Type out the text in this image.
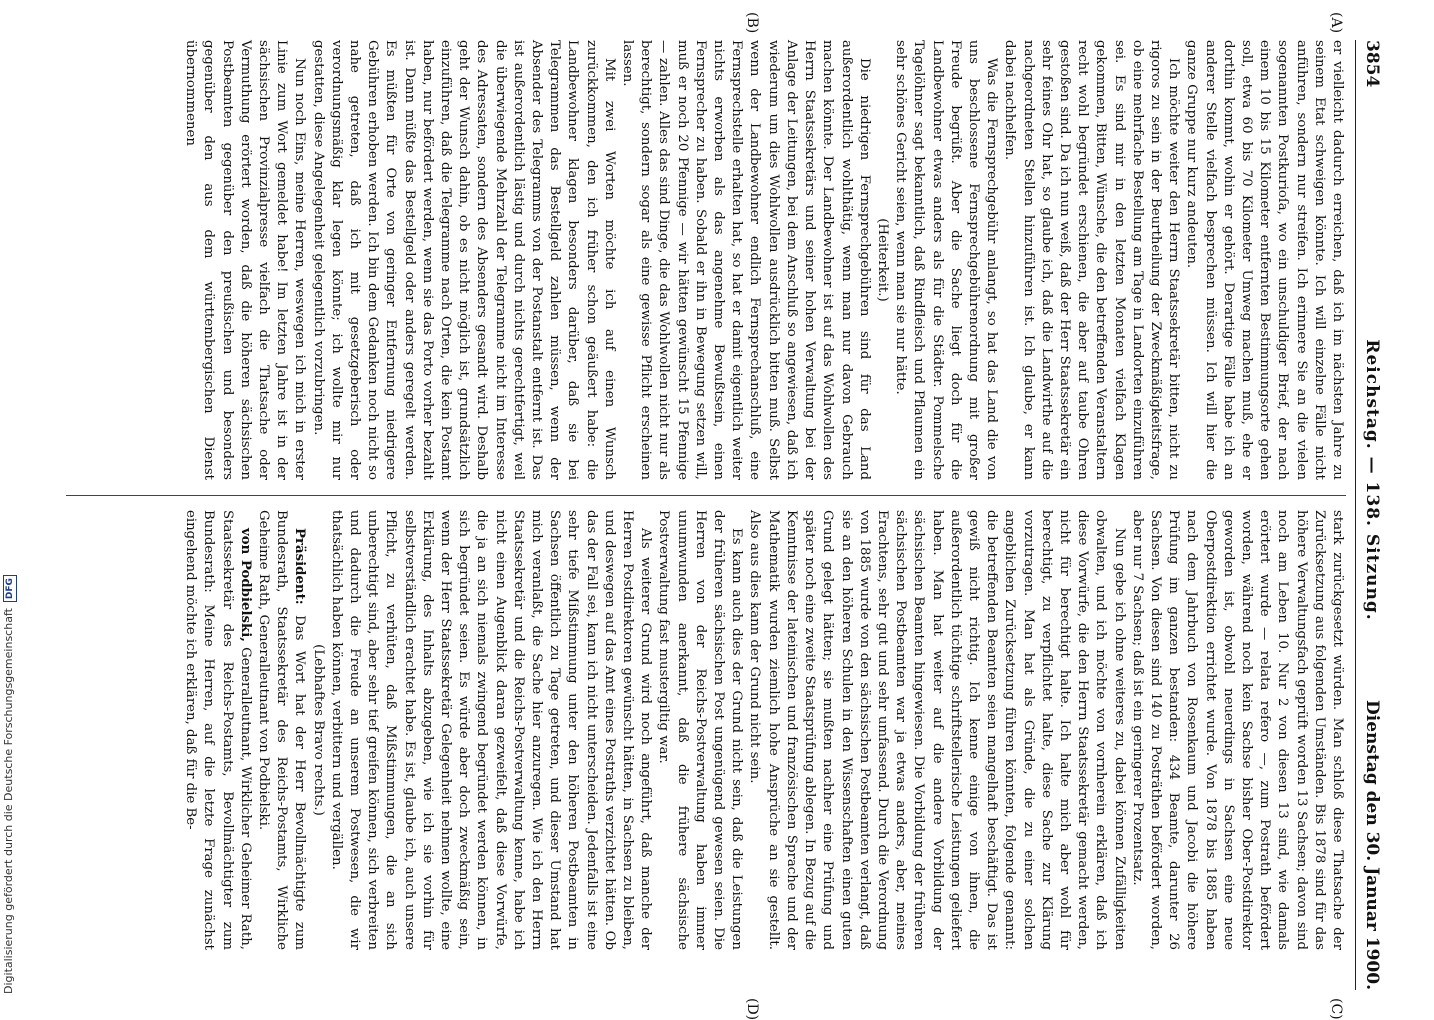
3854
Reichstag. — 138. Sitzung.
Dienstag den 30. Januar 1900.
(A)
(B)
(C)
(D)

er vielleicht dadurch erreichen, daß ich im nächsten Jahre zu seinem Etat schweigen könnte. Ich will einzelne Fälle nicht anführen, sondern nur streifen. Ich erinnere Sie an die vielen sogenannten Postkurioſa, wo ein unschuldiger Brief, der nach einem 10 bis 15 Kilometer entfernten Bestimmungsorte gehen soll, etwa 60 bis 70 Kilometer Umweg machen muß, ehe er dorthin kommt, wohin er gehört. Derartige Fälle habe ich an anderer Stelle vielfach besprechen müssen. Ich will hier die ganze Gruppe nur kurz andeuten.

Ich möchte weiter den Herrn Staatssekretär bitten, nicht zu rigoros zu sein in der Beurtheilung der Zweckmäßigkeitsfrage, ob eine mehrfache Bestellung am Tage in Landorten einzuführen sei. Es sind mir in den letzten Monaten vielfach Klagen gekommen, Bitten, Wünsche, die den betreffenden Veranstaltern recht wohl begründet erschienen, die aber auf taube Ohren gestoßen sind. Da ich nun weiß, daß der Herr Staatssekretär ein sehr feines Ohr hat, so glaube ich, daß die Landwirthe auf die nachgeordneten Stellen hinzuführen ist. Ich glaube, er kann dabei nachhelfen.

Was die Fernsprechgebühr anlangt, so hat das Land die von uns beschlossene Fernsprechgebührenordnung mit großer Freude begrüßt. Aber die Sache liegt doch für die Landbewohner etwas anders als für die Städter. Pommelsche Tagelöhner sagt bekanntlich, daß Rindfleisch und Pflaumen ein sehr schönes Gericht seien, wenn man sie nur hätte.

(Heiterkeit.)

Die niedrigen Fernsprechgebühren sind für das Land außerordentlich wohlthätig, wenn man nur davon Gebrauch machen könnte. Der Landbewohner ist auf das Wohlwollen des Herrn Staatssekretärs und seiner hohen Verwaltung bei der Anlage der Leitungen, bei dem Anschluß so angewiesen, daß ich wiederum um dies Wohlwollen ausdrücklich bitten muß. Selbst wenn der Landbewohner endlich Fernsprechanschluß, eine Fernsprechstelle erhalten hat, so hat er damit eigentlich weiter nichts erworben als das angenehme Bewußtsein, einen Fernsprecher zu haben. Sobald er ihn in Bewegung setzen will, muß er noch 20 Pfennige — wir hätten gewünscht 15 Pfennige — zahlen. Alles das sind Dinge, die das Wohlwollen nicht nur als berechtigt, sondern sogar als eine gewisse Pflicht erscheinen lassen.

Mit zwei Worten möchte ich auf einen Wunsch zurückkommen, den ich früher schon geäußert habe: die Landbewohner klagen besonders darüber, daß sie bei Telegrammen das Bestellgeld zahlen müssen, wenn der Absender des Telegramms von der Postanstalt entfernt ist. Das ist außerordentlich lästig und durch nichts gerechtfertigt, weil die überwiegende Mehrzahl der Telegramme nicht im Interesse des Adressaten, sondern des Absenders gesandt wird. Deshalb geht der Wunsch dahin, ob es nicht möglich ist, grundsätzlich einzuführen, daß die Telegramme nach Orten, die kein Postamt haben, nur befördert werden, wenn sie das Porto vorher bezahlt ist. Dann müßte das Bestellgeld oder anders geregelt werden. Es müßten für Orte von geringer Entfernung niedrigere Gebühren erhoben werden. Ich bin dem Gedanken noch nicht so nahe getreten, daß ich mit gesetzgeberisch oder verordnungsmäßig klar legen könnte; ich wollte mir nur gestatten, diese Angelegenheit gelegentlich vorzubringen.

Nun noch Eins, meine Herren, weswegen ich mich in erster Linie zum Wort gemeldet habe! Im letzten Jahre ist in der sächsischen Provinzialpresse vielfach die Thatsache oder Vermuthung erörtert worden, daß die höheren sächsischen Postbeamten gegenüber den preußischen und besonders gegenüber den aus dem württembergischen Dienst übernommenen

stark zurückgesetzt würden. Man schloß diese Thatsache der Zurücksetzung aus folgenden Umständen. Bis 1878 sind für das höhere Verwaltungsfach geprüft worden 13 Sachsen; davon sind noch am Leben 10. Nur 2 von diesen 13 sind, wie damals erörtert wurde — relata refero —, zum Postrath befördert worden, während noch kein Sachse bisher Ober-Postdirektor geworden ist, obwohl neuerdings in Sachsen eine neue Oberpostdirektion errichtet wurde. Von 1878 bis 1885 haben nach dem Jahrbuch von Rosenkaum und Jacobi die höhere Prüfung im ganzen bestanden: 434 Beamte, darunter 26 Sachsen. Von diesen sind 140 zu Posträthen befördert worden, aber nur 7 Sachsen; daß ist ein geringerer Prozentsatz.

Nun gebe ich ohne weiteres zu, dabei können Zufälligkeiten obwalten, und ich möchte von vornherein erklären, daß ich diese Vorwürfe, die den Herrn Staatssekretär gemacht werden, nicht für berechtigt halte. Ich halte mich aber wohl für berechtigt, zu verpflichtet halte, diese Sache zur Klärung vorzutragen. Man hat als Gründe, die zu einer solchen angeblichen Zurücksetzung führen könnten, folgende genannt: die betreffenden Beamten seien mangelhaft beschäftigt. Das ist gewiß nicht richtig. Ich kenne einige von ihnen, die außerordentlich tüchtige schriftstellerische Leistungen geliefert haben. Man hat weiter auf die andere Vorbildung der sächsischen Beamten hingewiesen. Die Vorbildung der früheren sächsischen Postbeamten war ja etwas anders, aber, meines Erachtens, sehr gut und sehr umfassend. Durch die Verordnung von 1885 wurde von den sächsischen Postbeamten verlangt, daß sie an den höheren Schulen in den Wissenschaften einen guten Grund gelegt hätten; sie mußten nachher eine Prüfung und später noch eine zweite Staatsprüfung ablegen. In Bezug auf die Kenntnisse der lateinischen und französischen Sprache und der Mathematik wurden ziemlich hohe Ansprüche an sie gestellt. Also aus dies kann der Grund nicht sein.

Es kann auch dies der Grund nicht sein, daß die Leistungen der früheren sächsischen Post ungenügend gewesen seien. Die Herren von der Reichs-Postverwaltung haben immer unumwunden anerkannt, daß die frühere sächsische Postverwaltung fast mustergiltig war.

Als weiterer Grund wird noch angeführt, daß manche der Herren Postdirektoren gewünscht hätten, in Sachsen zu bleiben, und deswegen auf das Amt eines Postraths verzichtet hätten. Ob das der Fall sei, kann ich nicht unterscheiden. Jedenfalls ist eine sehr tiefe Mißstimmung unter den höheren Postbeamten in Sachsen öffentlich zu Tage getreten, und dieser Umstand hat mich veranlaßt, die Sache hier anzuregen. Wie ich den Herrn Staatssekretär und die Reichs-Postverwaltung kenne, habe ich nicht einen Augenblick daran gezweifelt, daß diese Vorwürfe, die ja an sich niemals zwingend begründet werden können, in sich begründet seien. Es würde aber doch zweckmäßig sein, wenn der Herr Staatssekretär Gelegenheit nehmen wollte, eine Erklärung, des Inhalts abzugeben, wie ich sie vorhin für selbstverständlich erachtet habe. Es ist, glaube ich, auch unsere Pflicht, zu verhüten, daß Mißstimmungen, die an sich unberechtigt sind, aber sehr tief greifen können, sich verbreiten und dadurch die Freude an unserem Postwesen, die wir thatsächlich haben können, verbittern und vergällen.

(Lebhaftes Bravo rechts.)

Präsident: Das Wort hat der Herr Bevollmächtigte zum Bundesrath, Staatssekretär des Reichs-Postamts, Wirkliche Geheime Rath, Generalleutnant von Podbielski.

von Podbielski, Generalleutnant, Wirklicher Geheimer Rath, Staatssekretär des Reichs-Postamts, Bevollmächtigter zum Bundesrath: Meine Herren, auf die letzte Frage zunächst eingehend möchte ich erklären, daß für die Be-

Digitalisierung gefördert durch die Deutsche ForschungsgemeinschaftDFG
